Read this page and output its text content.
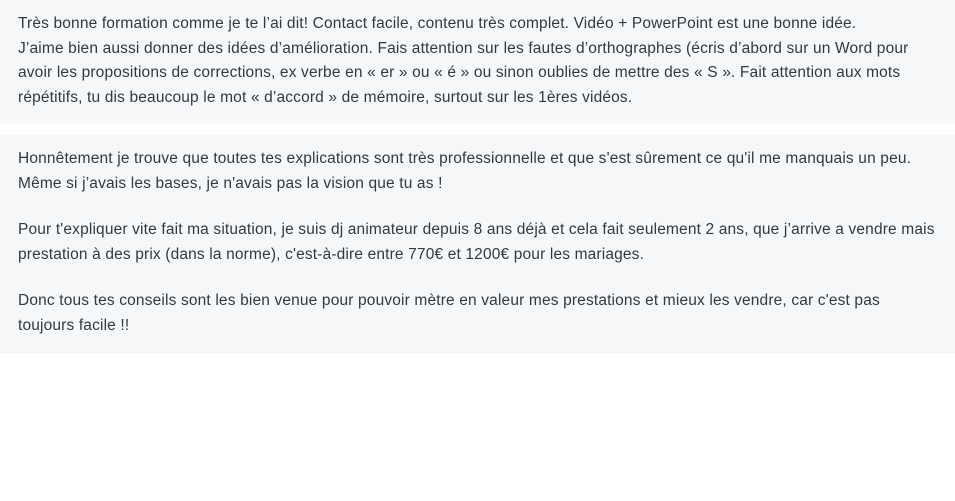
Très bonne formation comme je te l’ai dit! Contact facile, contenu très complet. Vidéo + PowerPoint est une bonne idée.

J’aime bien aussi donner des idées d’amélioration. Fais attention sur les fautes d’orthographes (écris d’abord sur un Word pour avoir les propositions de corrections, ex verbe en « er » ou « é » ou sinon oublies de mettre des « S ». Fait attention aux mots répétitifs, tu dis beaucoup le mot « d’accord » de mémoire, surtout sur les 1ères vidéos.

Honnêtement je trouve que toutes tes explications sont très professionnelle et que s'est sûrement ce qu'il me manquais un peu.

Même si j’avais les bases, je n'avais pas la vision que tu as !

Pour t'expliquer vite fait ma situation, je suis dj animateur depuis 8 ans déjà et cela fait seulement 2 ans, que j’arrive a vendre mais prestation à des prix (dans la norme), c'est-à-dire entre 770€ et 1200€ pour les mariages.

Donc tous tes conseils sont les bien venue pour pouvoir mètre en valeur mes prestations et mieux les vendre, car c'est pas toujours facile !!
